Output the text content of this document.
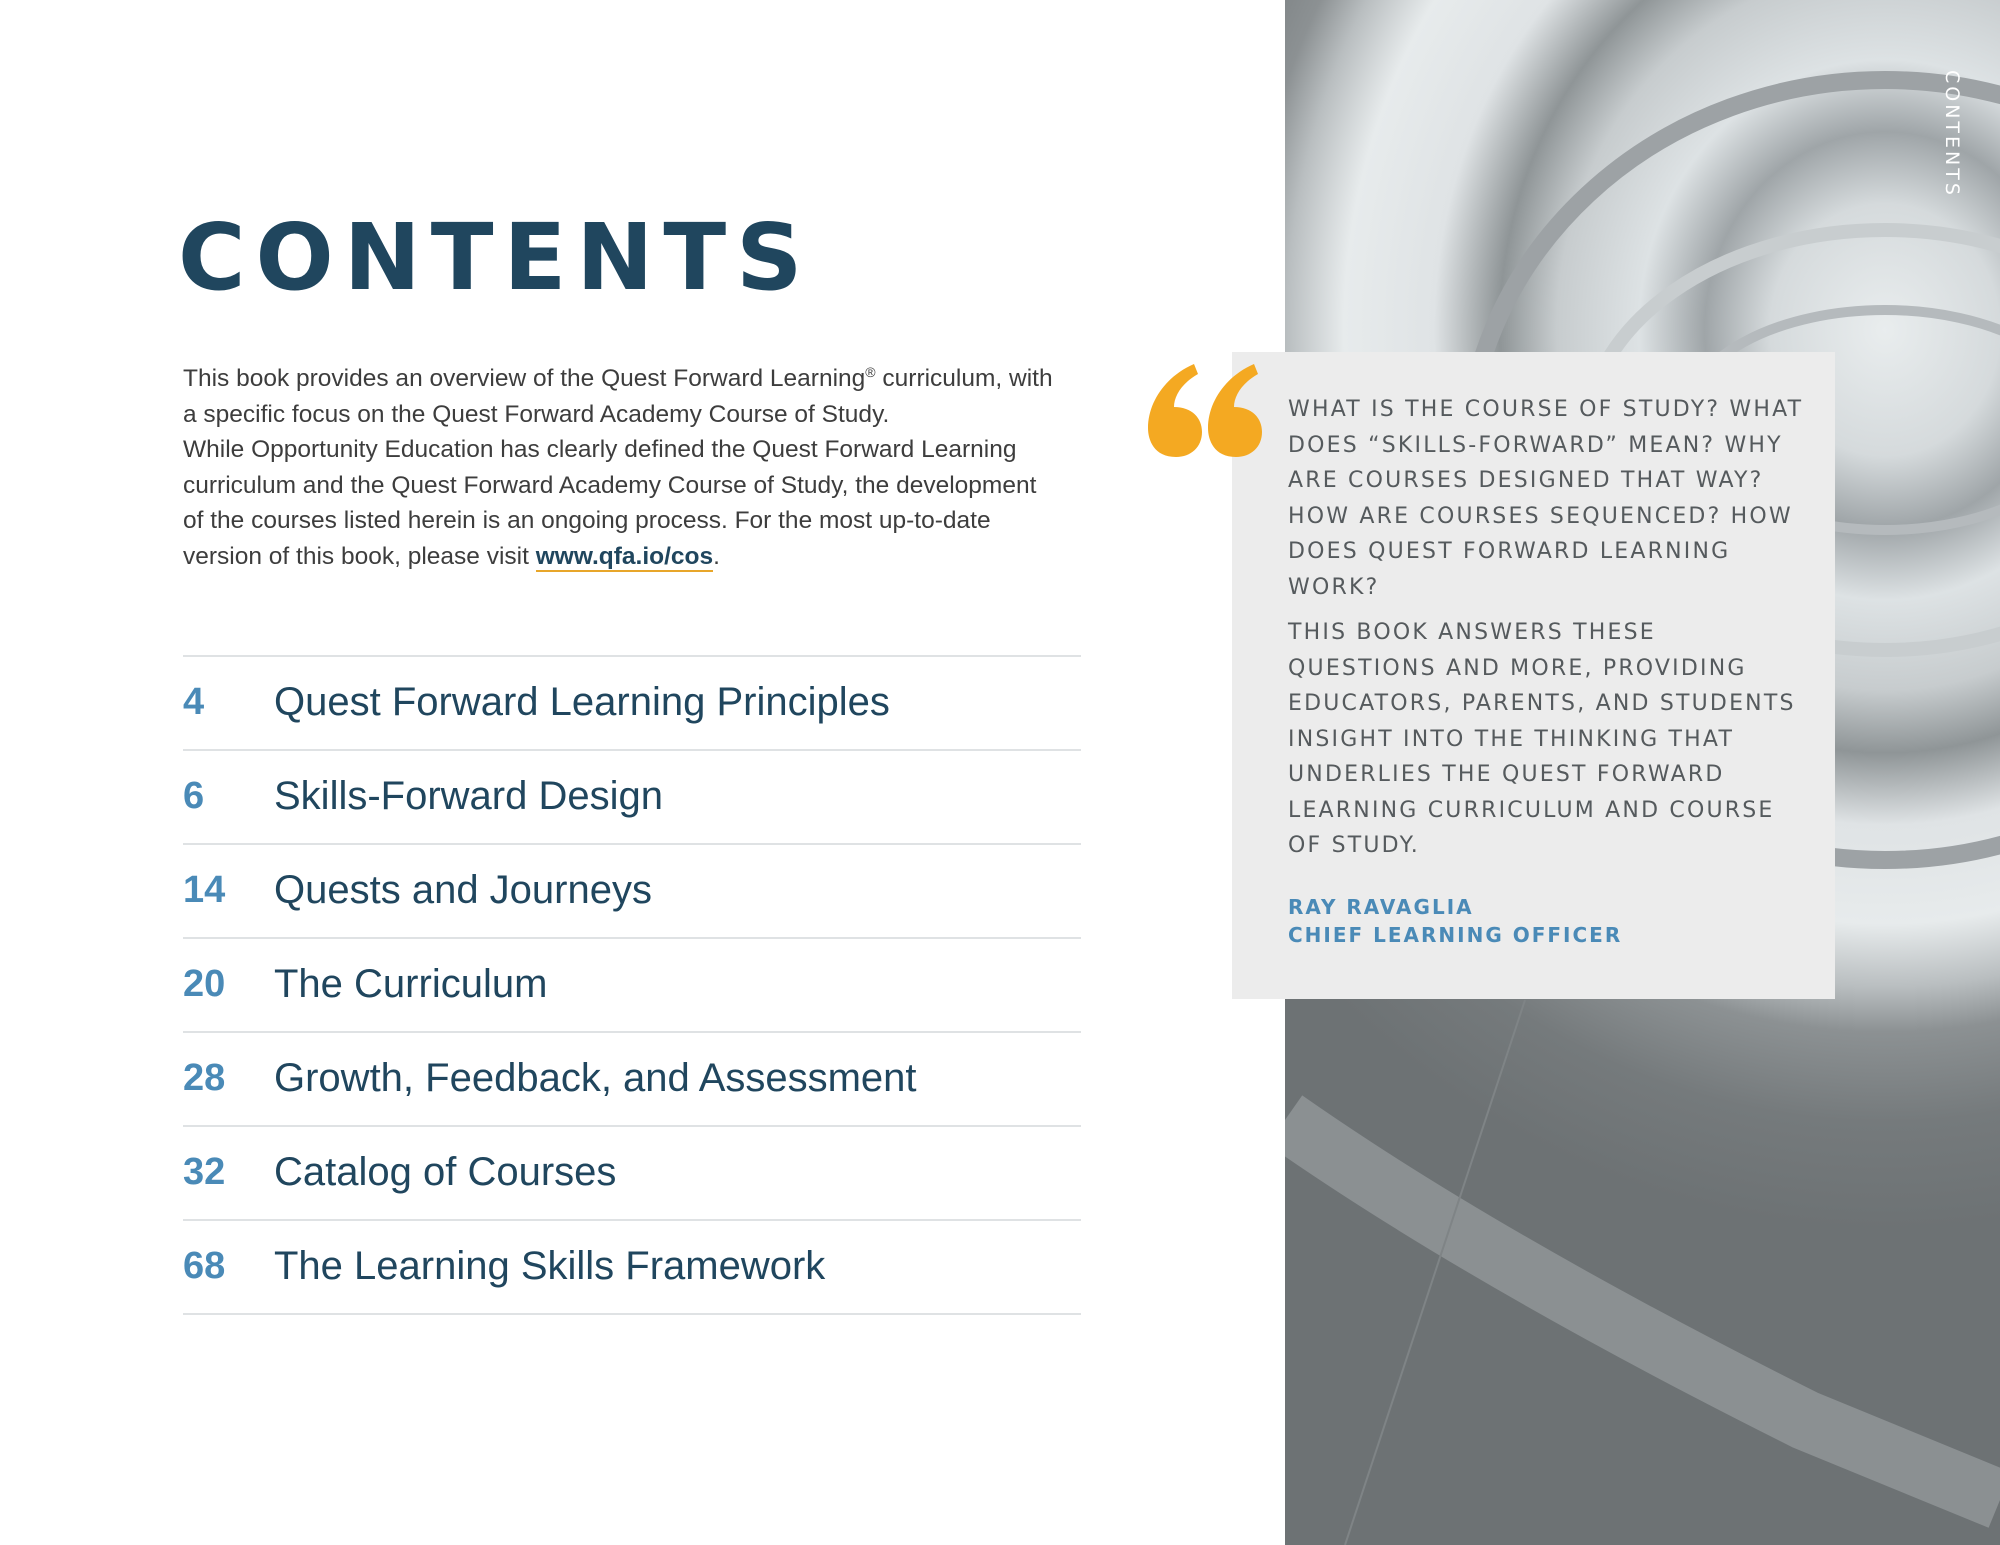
CONTENTS

This book provides an overview of the Quest Forward Learning® curriculum, with a specific focus on the Quest Forward Academy Course of Study.

While Opportunity Education has clearly defined the Quest Forward Learning curriculum and the Quest Forward Academy Course of Study, the development of the courses listed herein is an ongoing process. For the most up-to-date version of this book, please visit www.qfa.io/cos.

4 Quest Forward Learning Principles
6 Skills-Forward Design
14 Quests and Journeys
20 The Curriculum
28 Growth, Feedback, and Assessment
32 Catalog of Courses
68 The Learning Skills Framework
CONTENTS

WHAT IS THE COURSE OF STUDY? WHAT DOES “SKILLS-FORWARD” MEAN? WHY ARE COURSES DESIGNED THAT WAY? HOW ARE COURSES SEQUENCED? HOW DOES QUEST FORWARD LEARNING WORK?

THIS BOOK ANSWERS THESE QUESTIONS AND MORE, PROVIDING EDUCATORS, PARENTS, AND STUDENTS INSIGHT INTO THE THINKING THAT UNDERLIES THE QUEST FORWARD LEARNING CURRICULUM AND COURSE OF STUDY.

RAY RAVAGLIA
CHIEF LEARNING OFFICER
